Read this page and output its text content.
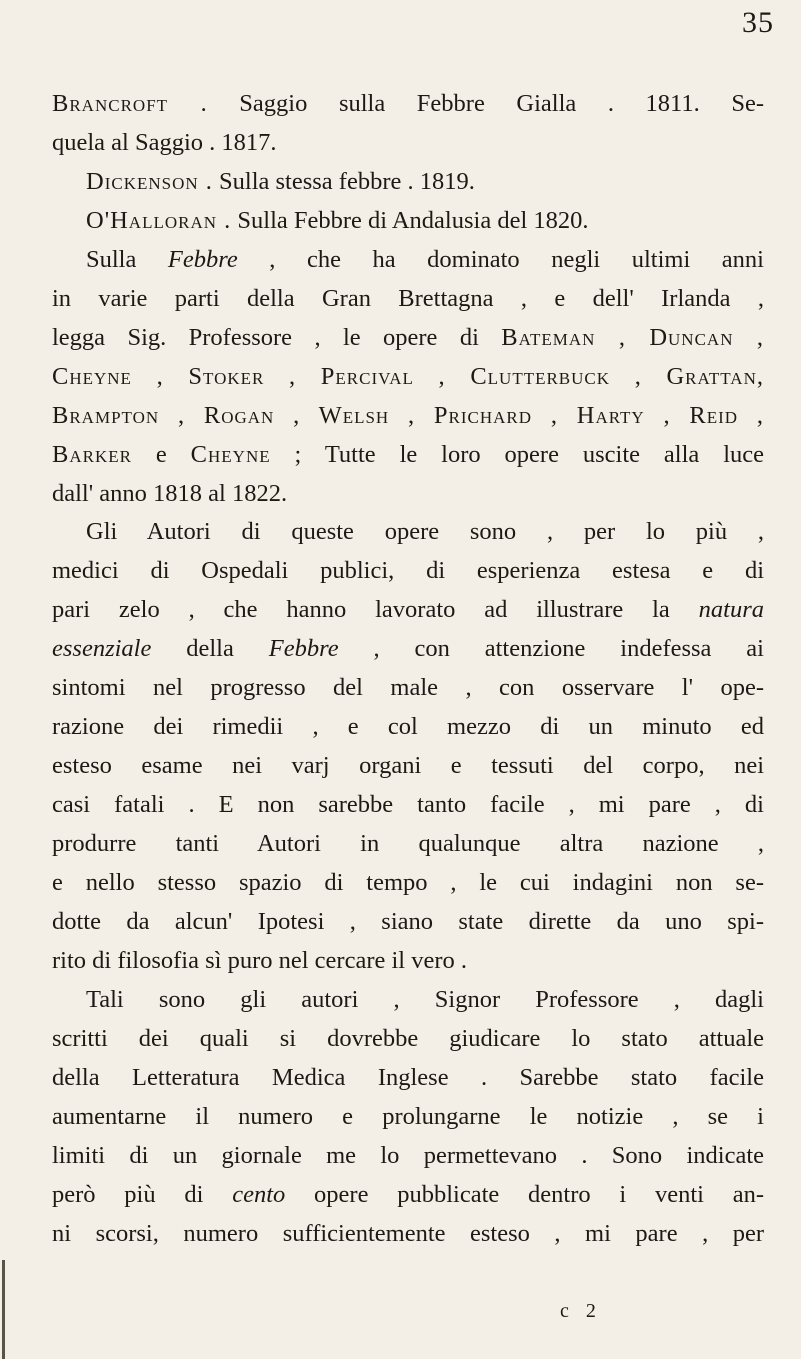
35
Brancroft . Saggio sulla Febbre Gialla . 1811. Se-
quela al Saggio . 1817.
Dickenson . Sulla stessa febbre . 1819.
O'Halloran . Sulla Febbre di Andalusia del 1820.
Sulla Febbre , che ha dominato negli ultimi anni
in varie parti della Gran Brettagna , e dell' Irlanda ,
legga Sig. Professore , le opere di Bateman , Duncan ,
Cheyne , Stoker , Percival , Clutterbuck , Grattan,
Brampton , Rogan , Welsh , Prichard , Harty , Reid ,
Barker e Cheyne ; Tutte le loro opere uscite alla luce
dall' anno 1818 al 1822.
Gli Autori di queste opere sono , per lo più ,
medici di Ospedali publici, di esperienza estesa e di
pari zelo , che hanno lavorato ad illustrare la natura
essenziale della Febbre , con attenzione indefessa ai
sintomi nel progresso del male , con osservare l' ope-
razione dei rimedii , e col mezzo di un minuto ed
esteso esame nei varj organi e tessuti del corpo, nei
casi fatali . E non sarebbe tanto facile , mi pare , di
produrre tanti Autori in qualunque altra nazione ,
e nello stesso spazio di tempo , le cui indagini non se-
dotte da alcun' Ipotesi , siano state dirette da uno spi-
rito di filosofia sì puro nel cercare il vero .
Tali sono gli autori , Signor Professore , dagli
scritti dei quali si dovrebbe giudicare lo stato attuale
della Letteratura Medica Inglese . Sarebbe stato facile
aumentarne il numero e prolungarne le notizie , se i
limiti di un giornale me lo permettevano . Sono indicate
però più di cento opere pubblicate dentro i venti an-
ni scorsi, numero sufficientemente esteso , mi pare , per
c 2
